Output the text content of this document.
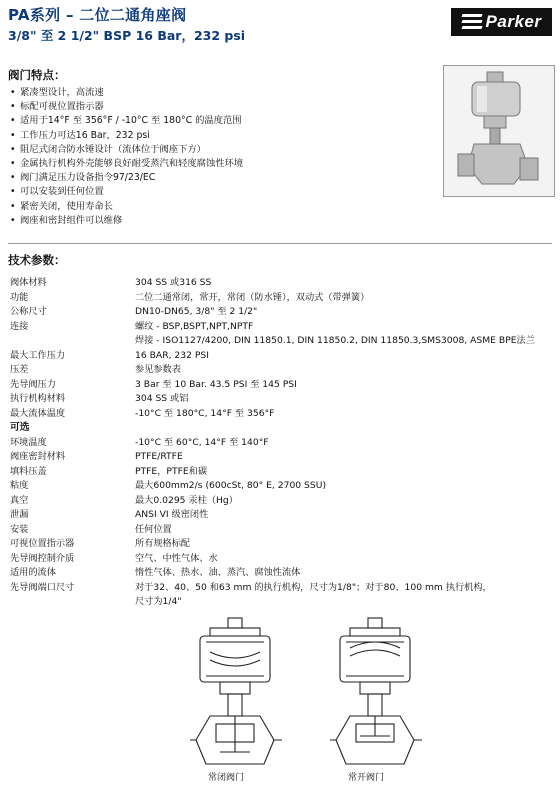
PA系列 – 二位二通角座阀
3/8" 至 2 1/2" BSP 16 Bar，232 psi
Parker
阀门特点：
• 紧凑型设计，高流速
• 标配可视位置指示器
• 适用于14°F 至 356°F / -10°C 至 180°C 的温度范围
• 工作压力可达16 Bar，232 psi
• 阻尼式闭合防水锤设计（流体位于阀座下方）
• 金属执行机构外壳能够良好耐受蒸汽和轻度腐蚀性环境
• 阀门满足压力设备指令97/23/EC
• 可以安装到任何位置
• 紧密关闭，使用寿命长
• 阀座和密封组件可以维修
技术参数：
阀体材料	304 SS 或316 SS
功能	二位二通常闭，常开，常闭（防水锤），双动式（带弹簧）
公称尺寸	DN10-DN65, 3/8" 至 2 1/2"
连接	螺纹 - BSP,BSPT,NPT,NPTF
焊接 - ISO1127/4200, DIN 11850.1, DIN 11850.2, DIN 11850.3,SMS3008, ASME BPE法兰
最大工作压力	16 BAR, 232 PSI
压差	参见参数表
先导阀压力	3 Bar 至 10 Bar. 43.5 PSI 至 145 PSI
执行机构材料	304 SS 或铝
最大流体温度	-10°C 至 180°C, 14°F 至 356°F
可选
环境温度	-10°C 至 60°C, 14°F 至 140°F
阀座密封材料	PTFE/RTFE
填料压盖	PTFE，PTFE和碳
粘度	最大600mm2/s (600cSt, 80° E, 2700 SSU)
真空	最大0.0295 汞柱（Hg）
泄漏	ANSI VI 级密闭性
安装	任何位置
可视位置指示器	所有规格标配
先导阀控制介质	空气、中性气体、水
适用的流体	惰性气体、热水、油、蒸汽、腐蚀性流体
先导阀端口尺寸	对于32、40、50 和63 mm 的执行机构，尺寸为1/8"；对于80、100 mm 执行机构，
尺寸为1/4"
常闭阀门	常开阀门
